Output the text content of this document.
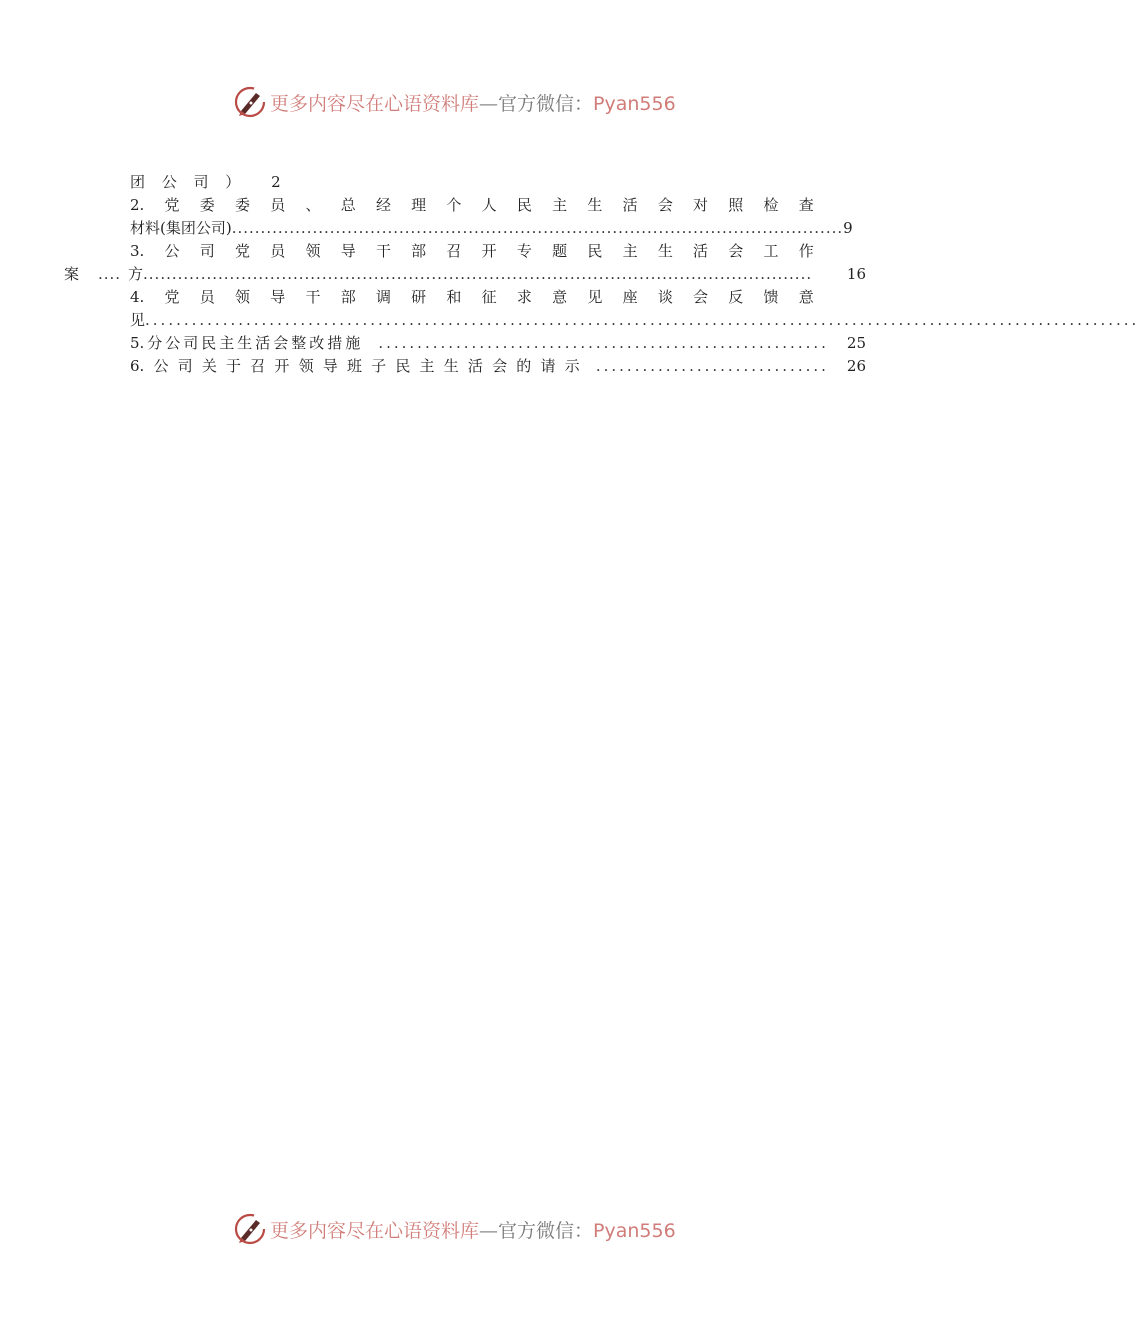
更多内容尽在心语资料库—官方微信：Pyan556
团 公 司 ） 2
2. 党 委 委 员 、 总 经 理 个 人 民 主 生 活 会 对 照 检 查
材料(集团公司) .......................................................................................................... 9
3. 公 司 党 员 领 导 干 部 召 开 专 题 民 主 生 活 会 工 作
案	.... 方 ....................................................................................................................	16
4. 党 员 领 导 干 部 调 研 和 征 求 意 见 座 谈 会 反 馈 意
见 ................................................................................................................................
5. 分 公 司 民 主 生 活 会 整 改 措 施 .......................................................... 25
6. 公 司 关 于 召 开 领 导 班 子 民 主 生 活 会 的 请 示 .............................. 26
更多内容尽在心语资料库—官方微信：Pyan556
